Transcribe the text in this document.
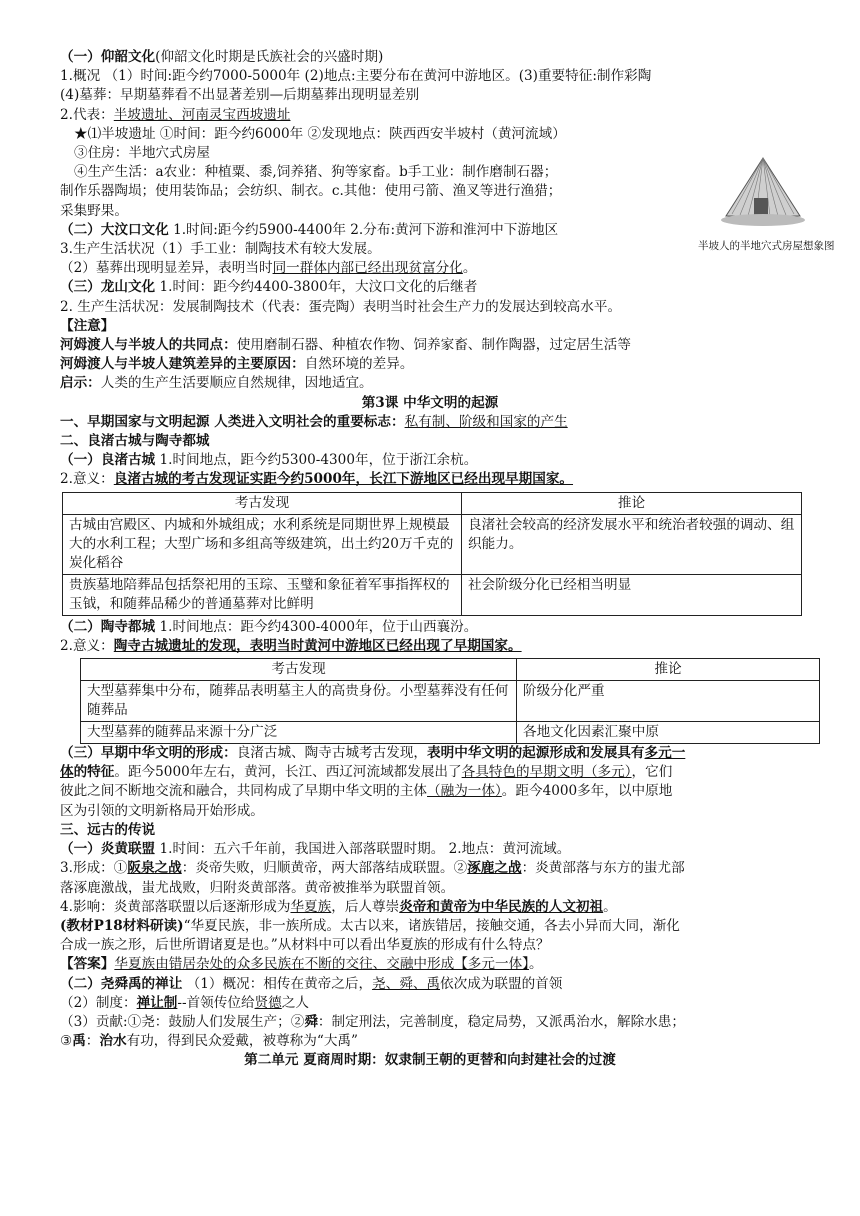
半坡人的半地穴式房屋想象图
（一）仰韶文化(仰韶文化时期是氏族社会的兴盛时期)
1.概况 （1）时间:距今约7000-5000年 (2)地点:主要分布在黄河中游地区。(3)重要特征:制作彩陶
(4)墓葬：早期墓葬看不出显著差别—后期墓葬出现明显差别
2.代表：半坡遗址、河南灵宝西坡遗址
★⑴半坡遗址 ①时间：距今约6000年 ②发现地点：陕西西安半坡村（黄河流域）
③住房：半地穴式房屋
④生产生活：a农业：种植粟、黍,饲养猪、狗等家畜。b手工业：制作磨制石器；
制作乐器陶埙；使用装饰品；会纺织、制衣。c.其他：使用弓箭、渔叉等进行渔猎；
采集野果。
（二）大汶口文化 1.时间:距今约5900-4400年 2.分布:黄河下游和淮河中下游地区
3.生产生活状况（1）手工业：制陶技术有较大发展。
（2）墓葬出现明显差异，表明当时同一群体内部已经出现贫富分化。
（三）龙山文化 1.时间：距今约4400-3800年，大汶口文化的后继者
2. 生产生活状况：发展制陶技术（代表：蛋壳陶）表明当时社会生产力的发展达到较高水平。
【注意】
河姆渡人与半坡人的共同点：使用磨制石器、种植农作物、饲养家畜、制作陶器，过定居生活等
河姆渡人与半坡人建筑差异的主要原因：自然环境的差异。
启示：人类的生产生活要顺应自然规律，因地适宜。
第3课 中华文明的起源
一、早期国家与文明起源 人类进入文明社会的重要标志：私有制、阶级和国家的产生
二、良渚古城与陶寺都城
（一）良渚古城 1.时间地点，距今约5300-4300年，位于浙江余杭。
2.意义：良渚古城的考古发现证实距今约5000年，长江下游地区已经出现早期国家。
考古发现	推论
古城由宫殿区、内城和外城组成；水利系统是同期世界上规模最大的水利工程；大型广场和多组高等级建筑，出土约20万千克的炭化稻谷	良渚社会较高的经济发展水平和统治者较强的调动、组织能力。
贵族墓地陪葬品包括祭祀用的玉琮、玉璧和象征着军事指挥权的玉钺，和随葬品稀少的普通墓葬对比鲜明	社会阶级分化已经相当明显
（二）陶寺都城 1.时间地点：距今约4300-4000年，位于山西襄汾。
2.意义：陶寺古城遗址的发现，表明当时黄河中游地区已经出现了早期国家。
考古发现	推论
大型墓葬集中分布，随葬品表明墓主人的高贵身份。小型墓葬没有任何随葬品	阶级分化严重
大型墓葬的随葬品来源十分广泛	各地文化因素汇聚中原
（三）早期中华文明的形成：良渚古城、陶寺古城考古发现，表明中华文明的起源形成和发展具有多元一
体的特征。距今5000年左右，黄河，长江、西辽河流域都发展出了各具特色的早期文明（多元），它们
彼此之间不断地交流和融合，共同构成了早期中华文明的主体（融为一体）。距今4000多年，以中原地
区为引领的文明新格局开始形成。
三、远古的传说
（一）炎黄联盟 1.时间：五六千年前，我国进入部落联盟时期。 2.地点：黄河流域。
3.形成：①阪泉之战：炎帝失败，归顺黄帝，两大部落结成联盟。②涿鹿之战：炎黄部落与东方的蚩尤部
落涿鹿激战，蚩尤战败，归附炎黄部落。黄帝被推举为联盟首领。
4.影响：炎黄部落联盟以后逐渐形成为华夏族，后人尊崇炎帝和黄帝为中华民族的人文初祖。
(教材P18材料研读)“华夏民族，非一族所成。太古以来，诸族错居，接触交通，各去小异而大同，渐化
合成一族之形，后世所谓诸夏是也。”从材料中可以看出华夏族的形成有什么特点？
【答案】华夏族由错居杂处的众多民族在不断的交往、交融中形成【多元一体】。
（二）尧舜禹的禅让 （1）概况：相传在黄帝之后，尧、舜、禹依次成为联盟的首领
（2）制度：禅让制--首领传位给贤德之人
（3）贡献:①尧：鼓励人们发展生产；②舜：制定刑法，完善制度，稳定局势，又派禹治水，解除水患；
③禹：治水有功，得到民众爱戴，被尊称为“大禹”
第二单元 夏商周时期：奴隶制王朝的更替和向封建社会的过渡
